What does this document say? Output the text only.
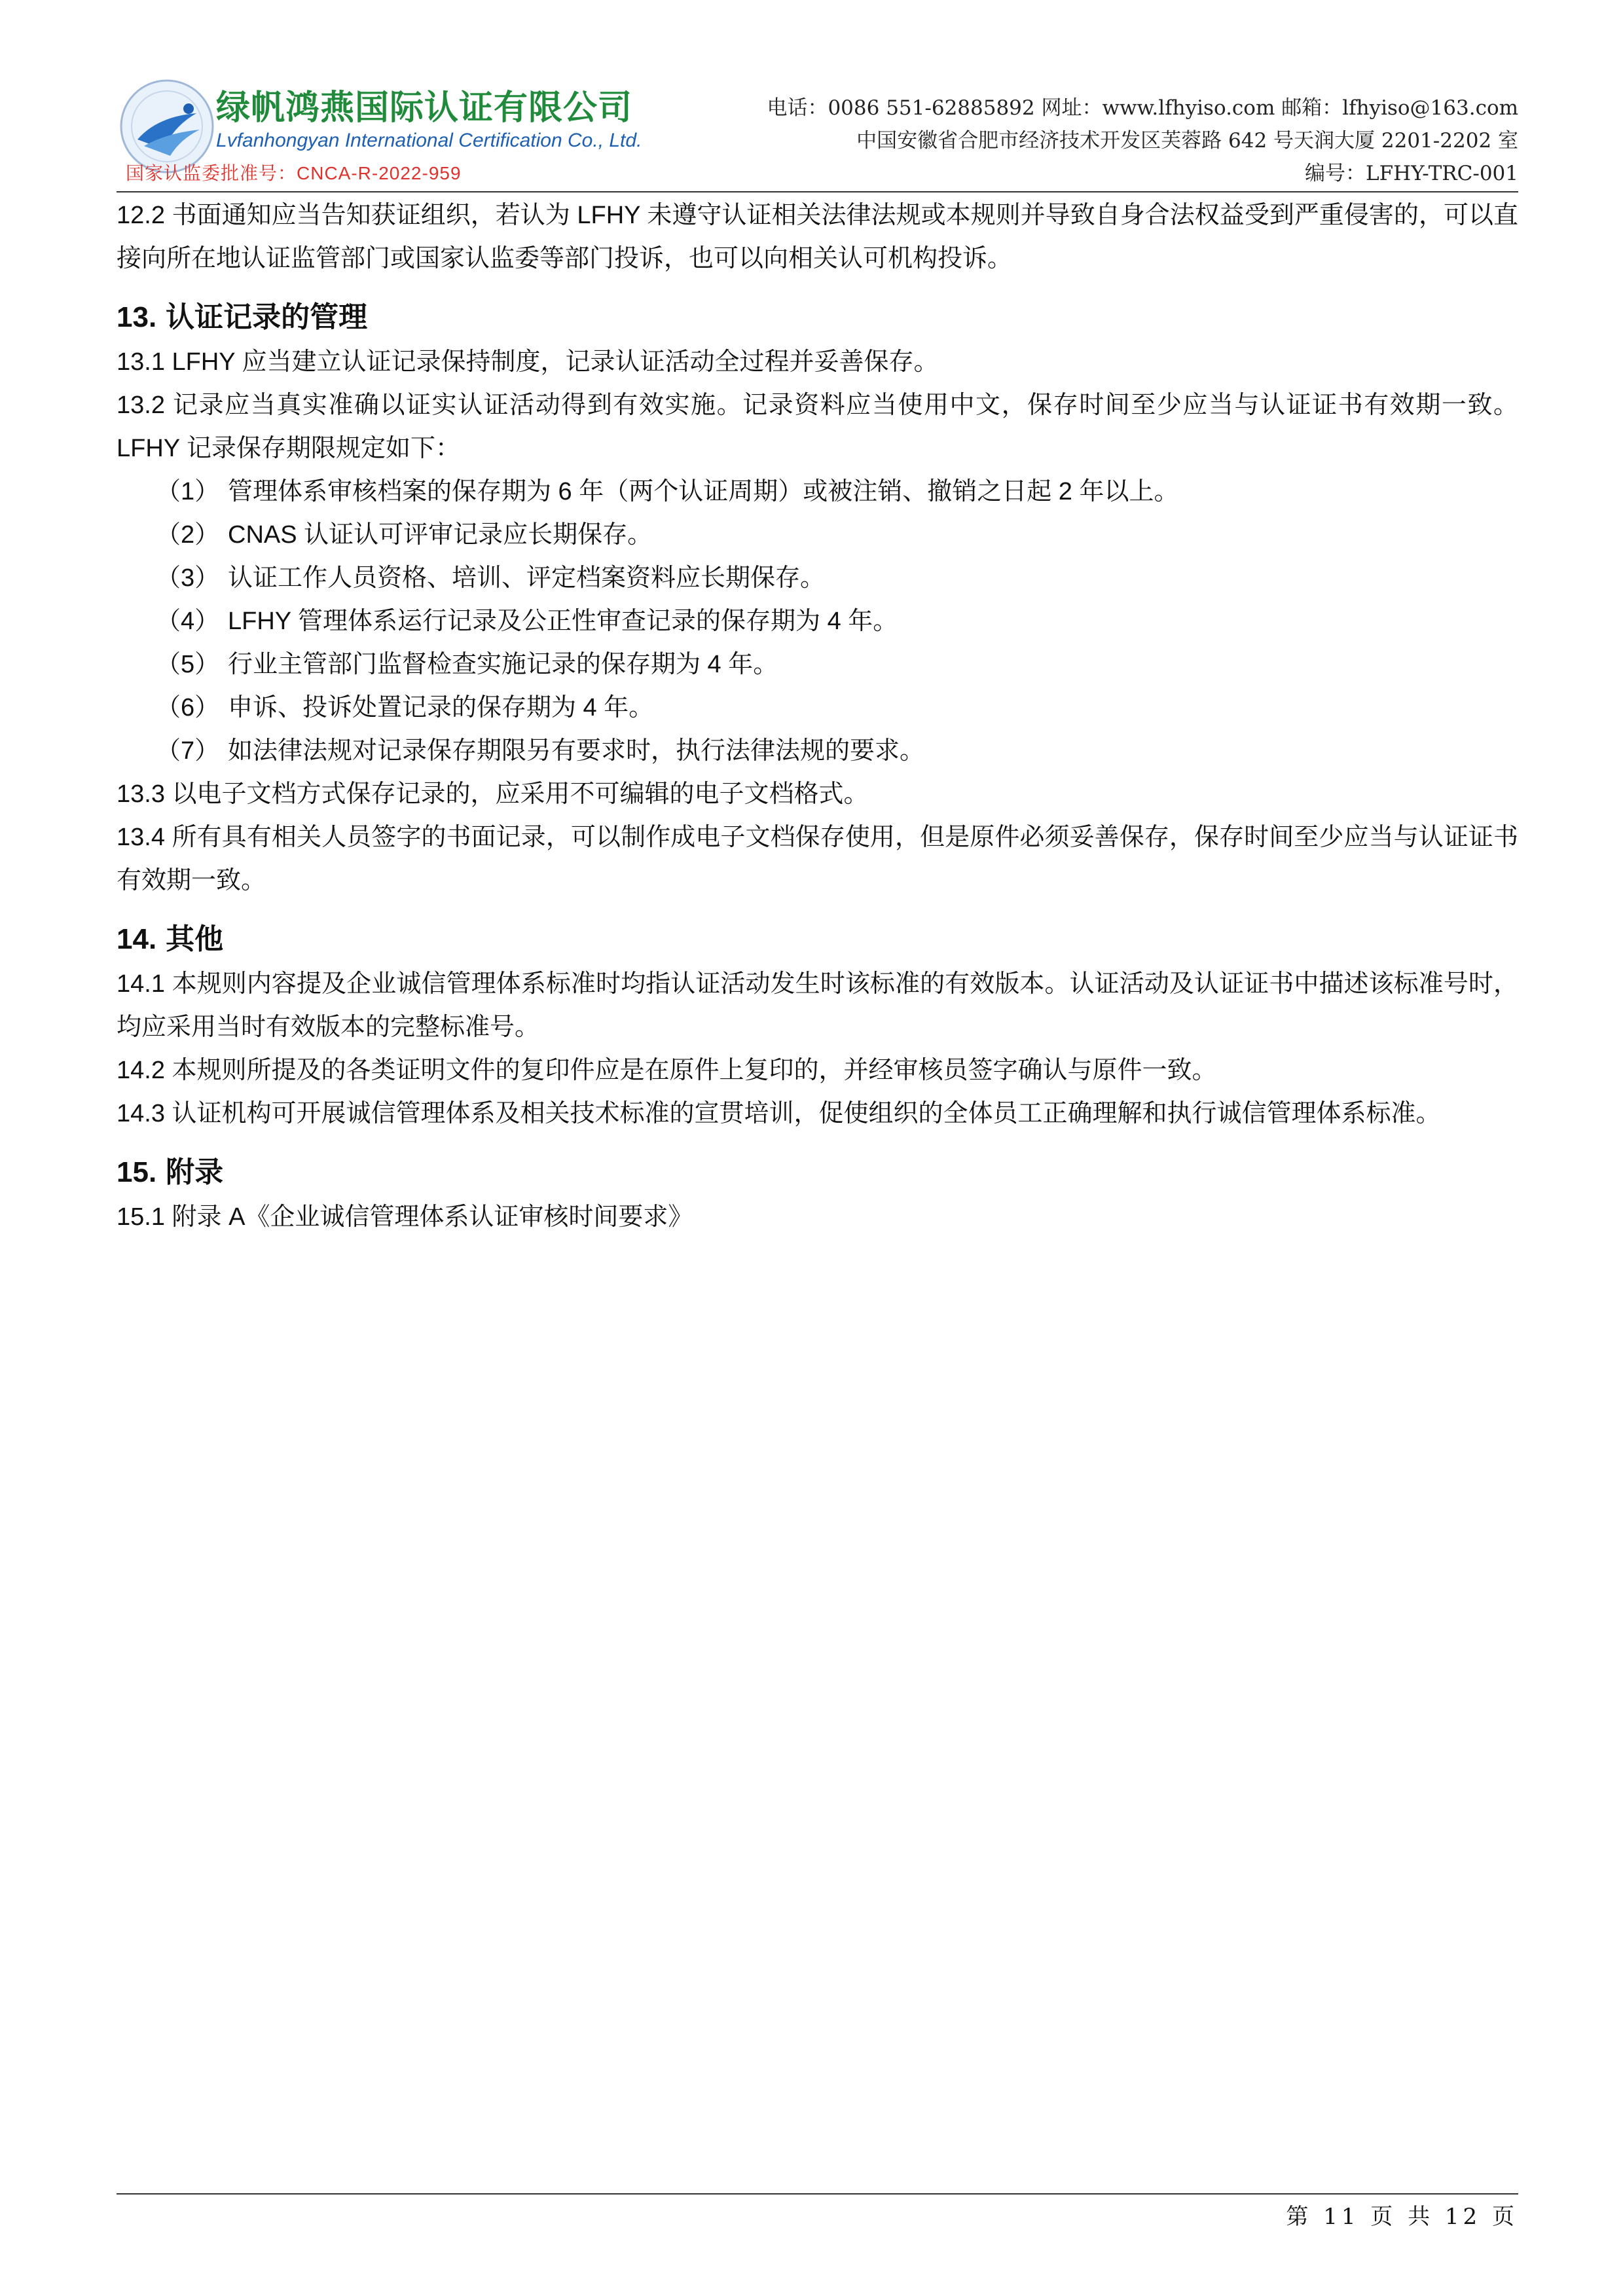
绿帆鸿燕国际认证有限公司
Lvfanhongyan International Certification Co., Ltd.
国家认监委批准号：CNCA-R-2022-959
电话：0086 551-62885892 网址：www.lfhyiso.com 邮箱：lfhyiso@163.com
中国安徽省合肥市经济技术开发区芙蓉路 642 号天润大厦 2201-2202 室
编号：LFHY-TRC-001

12.2 书面通知应当告知获证组织，若认为 LFHY 未遵守认证相关法律法规或本规则并导致自身合法权益受到严重侵害的，可以直接向所在地认证监管部门或国家认监委等部门投诉，也可以向相关认可机构投诉。

13. 认证记录的管理

13.1 LFHY 应当建立认证记录保持制度，记录认证活动全过程并妥善保存。

13.2 记录应当真实准确以证实认证活动得到有效实施。记录资料应当使用中文，保存时间至少应当与认证证书有效期一致。LFHY 记录保存期限规定如下：

（1） 管理体系审核档案的保存期为 6 年（两个认证周期）或被注销、撤销之日起 2 年以上。

（2） CNAS 认证认可评审记录应长期保存。

（3） 认证工作人员资格、培训、评定档案资料应长期保存。

（4） LFHY 管理体系运行记录及公正性审查记录的保存期为 4 年。

（5） 行业主管部门监督检查实施记录的保存期为 4 年。

（6） 申诉、投诉处置记录的保存期为 4 年。

（7） 如法律法规对记录保存期限另有要求时，执行法律法规的要求。

13.3 以电子文档方式保存记录的，应采用不可编辑的电子文档格式。

13.4 所有具有相关人员签字的书面记录，可以制作成电子文档保存使用，但是原件必须妥善保存，保存时间至少应当与认证证书有效期一致。

14. 其他

14.1 本规则内容提及企业诚信管理体系标准时均指认证活动发生时该标准的有效版本。认证活动及认证证书中描述该标准号时，均应采用当时有效版本的完整标准号。

14.2 本规则所提及的各类证明文件的复印件应是在原件上复印的，并经审核员签字确认与原件一致。

14.3 认证机构可开展诚信管理体系及相关技术标准的宣贯培训，促使组织的全体员工正确理解和执行诚信管理体系标准。

15. 附录

15.1 附录 A《企业诚信管理体系认证审核时间要求》

第 11 页 共 12 页
